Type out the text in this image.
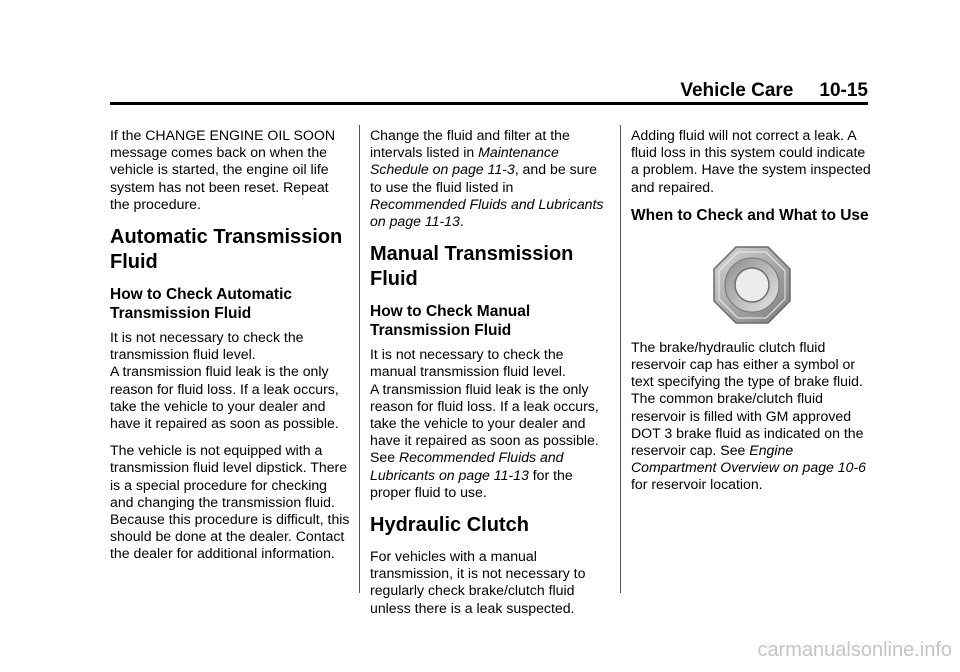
Vehicle Care 10-15

If the CHANGE ENGINE OIL SOON message comes back on when the vehicle is started, the engine oil life system has not been reset. Repeat the procedure.

Automatic Transmission Fluid
How to Check Automatic Transmission Fluid

It is not necessary to check the transmission fluid level.

A transmission fluid leak is the only reason for fluid loss. If a leak occurs, take the vehicle to your dealer and have it repaired as soon as possible.

The vehicle is not equipped with a transmission fluid level dipstick. There is a special procedure for checking and changing the transmission fluid. Because this procedure is difficult, this should be done at the dealer. Contact the dealer for additional information.

Change the fluid and filter at the intervals listed in Maintenance Schedule on page 11-3, and be sure to use the fluid listed in Recommended Fluids and Lubricants on page 11-13.

Manual Transmission Fluid
How to Check Manual Transmission Fluid

It is not necessary to check the manual transmission fluid level.

A transmission fluid leak is the only reason for fluid loss. If a leak occurs, take the vehicle to your dealer and have it repaired as soon as possible. See Recommended Fluids and Lubricants on page 11-13 for the proper fluid to use.

Hydraulic Clutch

For vehicles with a manual transmission, it is not necessary to regularly check brake/clutch fluid unless there is a leak suspected.

Adding fluid will not correct a leak. A fluid loss in this system could indicate a problem. Have the system inspected and repaired.

When to Check and What to Use

The brake/hydraulic clutch fluid reservoir cap has either a symbol or text specifying the type of brake fluid. The common brake/clutch fluid reservoir is filled with GM approved DOT 3 brake fluid as indicated on the reservoir cap. See Engine Compartment Overview on page 10-6 for reservoir location.

carmanualsonline.info
